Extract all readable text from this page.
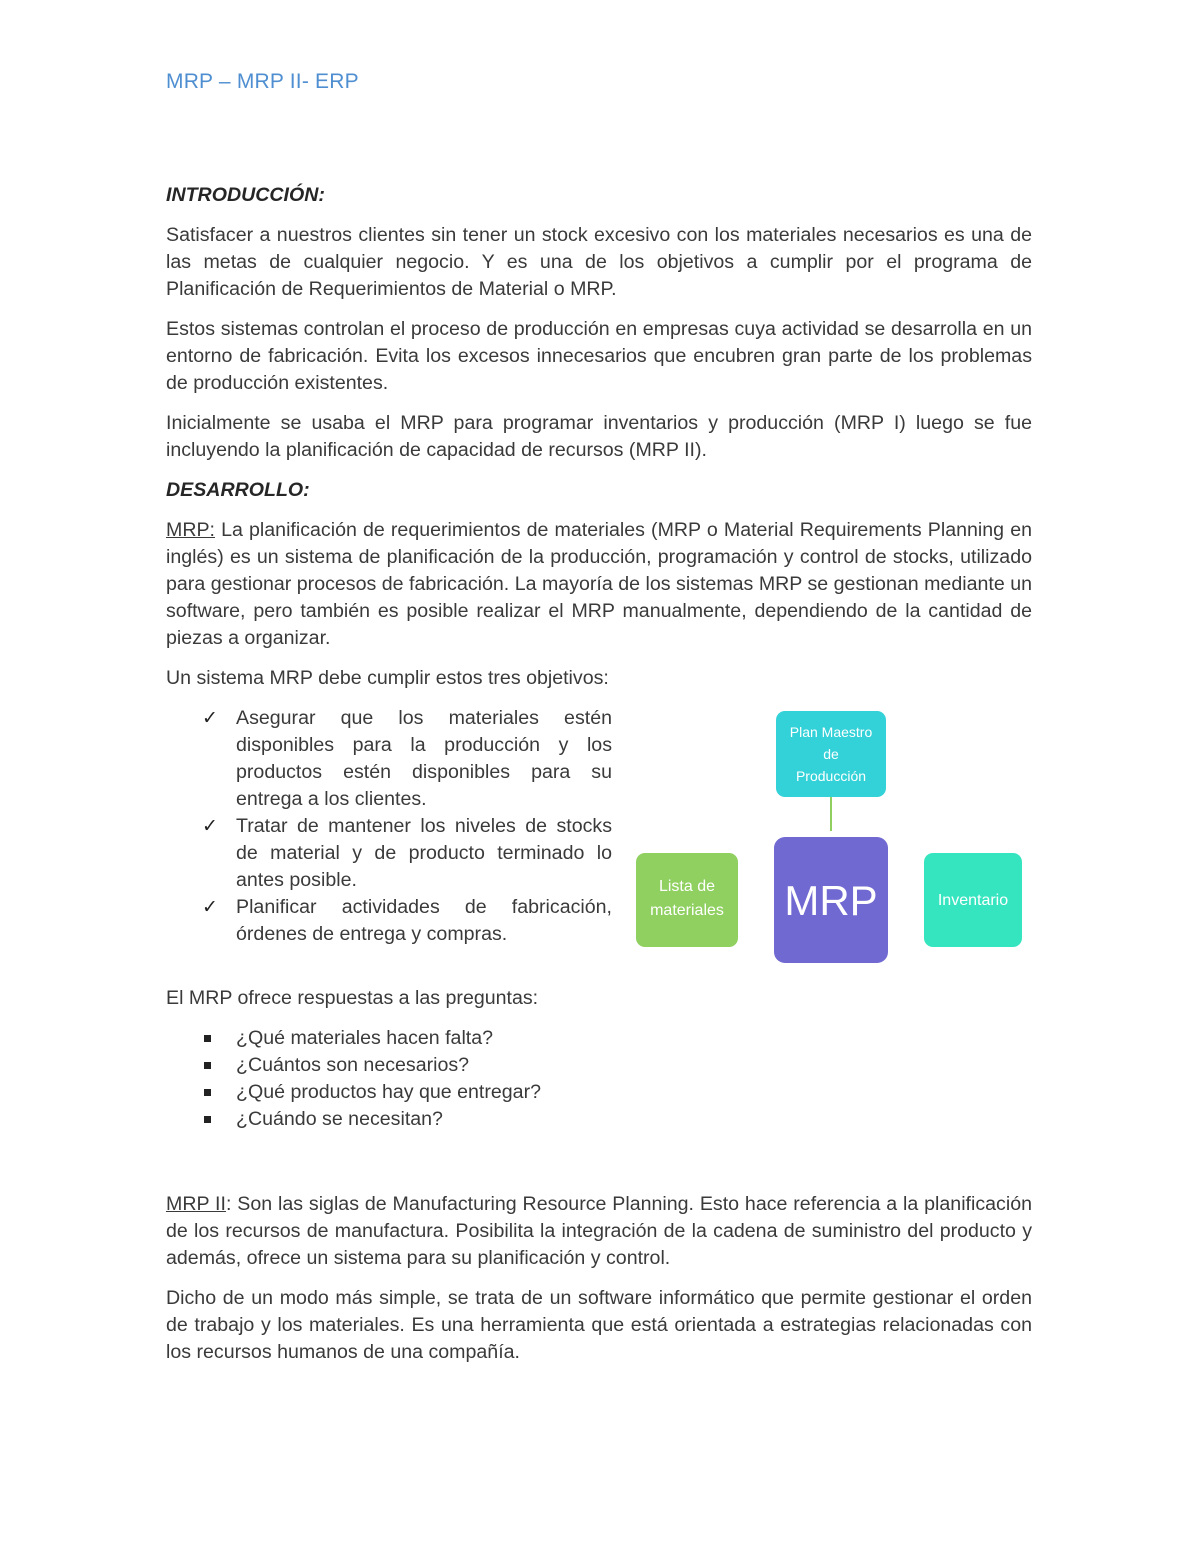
MRP – MRP II- ERP
INTRODUCCIÓN:

Satisfacer a nuestros clientes sin tener un stock excesivo con los materiales necesarios es una de las metas de cualquier negocio. Y es una de los objetivos a cumplir por el programa de Planificación de Requerimientos de Material o MRP.

Estos sistemas controlan el proceso de producción en empresas cuya actividad se desarrolla en un entorno de fabricación. Evita los excesos innecesarios que encubren gran parte de los problemas de producción existentes.

Inicialmente se usaba el MRP para programar inventarios y producción (MRP I) luego se fue incluyendo la planificación de capacidad de recursos (MRP II).

DESARROLLO:

MRP: La planificación de requerimientos de materiales (MRP o Material Requirements Planning en inglés) es un sistema de planificación de la producción, programación y control de stocks, utilizado para gestionar procesos de fabricación. La mayoría de los sistemas MRP se gestionan mediante un software, pero también es posible realizar el MRP manualmente, dependiendo de la cantidad de piezas a organizar.

Un sistema MRP debe cumplir estos tres objetivos:

✓ Asegurar que los materiales estén disponibles para la producción y los productos estén disponibles para su entrega a los clientes.
✓ Tratar de mantener los niveles de stocks de material y de producto terminado lo antes posible.
✓ Planificar actividades de fabricación, órdenes de entrega y compras.
Plan Maestro
de
Producción
Lista de
materiales MRP	Inventario

El MRP ofrece respuestas a las preguntas:

¿Qué materiales hacen falta?
¿Cuántos son necesarios?
¿Qué productos hay que entregar?
¿Cuándo se necesitan?

MRP II: Son las siglas de Manufacturing Resource Planning. Esto hace referencia a la planificación de los recursos de manufactura. Posibilita la integración de la cadena de suministro del producto y además, ofrece un sistema para su planificación y control.

Dicho de un modo más simple, se trata de un software informático que permite gestionar el orden de trabajo y los materiales. Es una herramienta que está orientada a estrategias relacionadas con los recursos humanos de una compañía.
